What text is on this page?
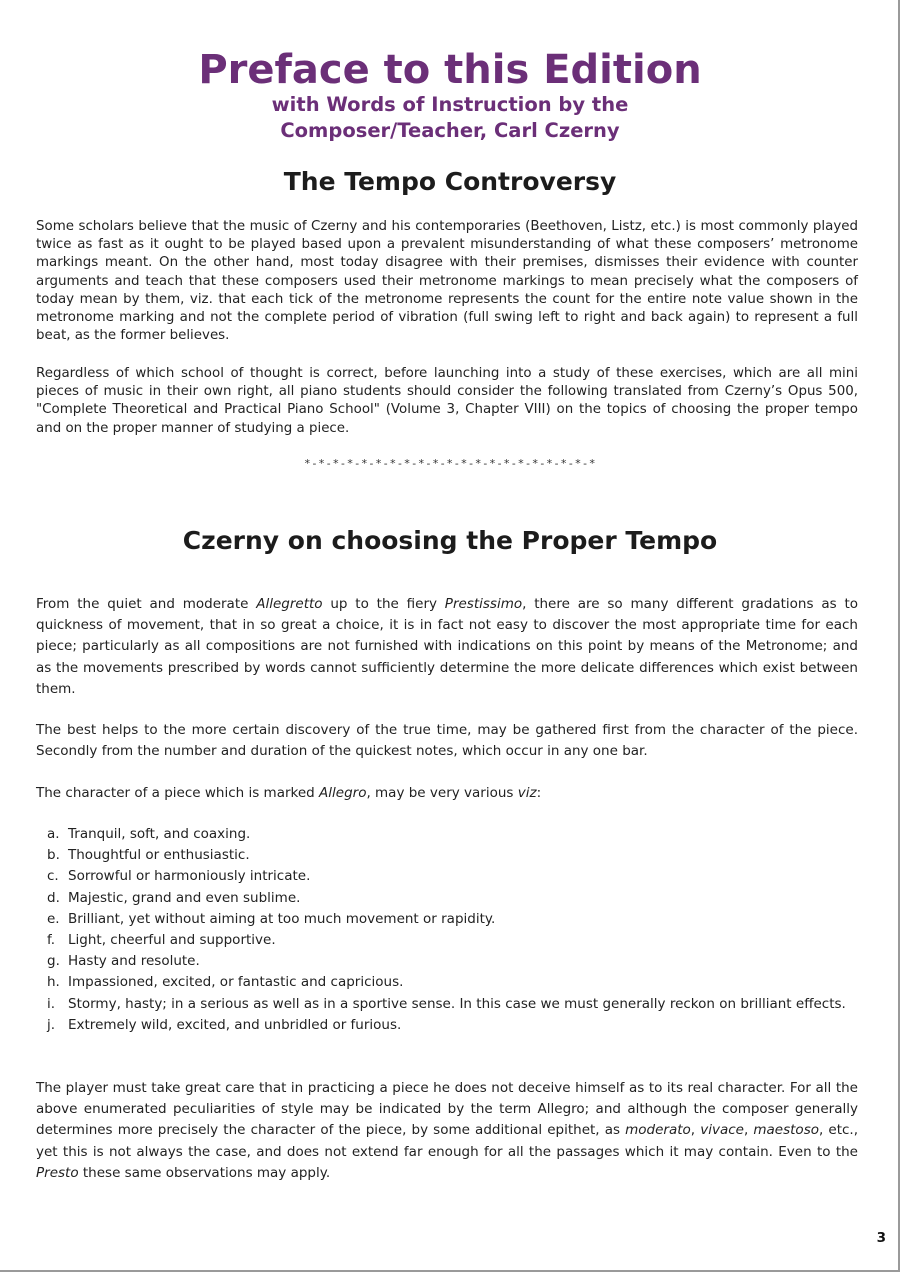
Preface to this Edition
with Words of Instruction by the
Composer/Teacher, Carl Czerny
The Tempo Controversy

Some scholars believe that the music of Czerny and his contemporaries (Beethoven, Listz, etc.) is most commonly played twice as fast as it ought to be played based upon a prevalent misunderstanding of what these composers’ metronome markings meant. On the other hand, most today disagree with their premises, dismisses their evidence with counter arguments and teach that these composers used their metronome markings to mean precisely what the composers of today mean by them, viz. that each tick of the metronome represents the count for the entire note value shown in the metronome marking and not the complete period of vibration (full swing left to right and back again) to represent a full beat, as the former believes.

Regardless of which school of thought is correct, before launching into a study of these exercises, which are all mini pieces of music in their own right, all piano students should consider the following translated from Czerny’s Opus 500, "Complete Theoretical and Practical Piano School" (Volume 3, Chapter VIII) on the topics of choosing the proper tempo and on the proper manner of studying a piece.

*-*-*-*-*-*-*-*-*-*-*-*-*-*-*-*-*-*-*-*-*

Czerny on choosing the Proper Tempo

From the quiet and moderate Allegretto up to the fiery Prestissimo, there are so many different gradations as to quickness of movement, that in so great a choice, it is in fact not easy to discover the most appropriate time for each piece; particularly as all compositions are not furnished with indications on this point by means of the Metronome; and as the movements prescribed by words cannot sufficiently determine the more delicate differences which exist between them.

The best helps to the more certain discovery of the true time, may be gathered first from the character of the piece. Secondly from the number and duration of the quickest notes, which occur in any one bar.

The character of a piece which is marked Allegro, may be very various viz:

a. Tranquil, soft, and coaxing.
b. Thoughtful or enthusiastic.
c. Sorrowful or harmoniously intricate.
d. Majestic, grand and even sublime.
e. Brilliant, yet without aiming at too much movement or rapidity.
f. Light, cheerful and supportive.
g. Hasty and resolute.
h. Impassioned, excited, or fantastic and capricious.
i. Stormy, hasty; in a serious as well as in a sportive sense. In this case we must generally reckon on brilliant effects.
j. Extremely wild, excited, and unbridled or furious.

The player must take great care that in practicing a piece he does not deceive himself as to its real character. For all the above enumerated peculiarities of style may be indicated by the term Allegro; and although the composer generally determines more precisely the character of the piece, by some additional epithet, as moderato, vivace, maestoso, etc., yet this is not always the case, and does not extend far enough for all the passages which it may contain. Even to the Presto these same observations may apply.

3
